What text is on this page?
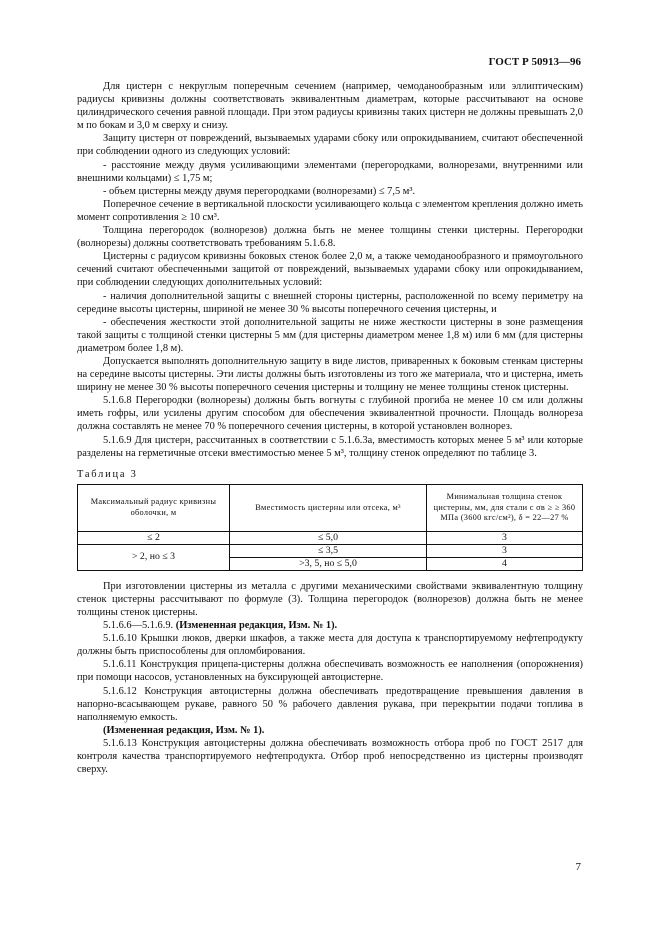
ГОСТ Р 50913—96

Для цистерн с некруглым поперечным сечением (например, чемоданообразным или эллиптическим) радиусы кривизны должны соответствовать эквивалентным диаметрам, которые рассчитывают на основе цилиндрического сечения равной площади. При этом радиусы кривизны таких цистерн не должны превышать 2,0 м по бокам и 3,0 м сверху и снизу.

Защиту цистерн от повреждений, вызываемых ударами сбоку или опрокидыванием, считают обеспеченной при соблюдении одного из следующих условий:

- расстояние между двумя усиливающими элементами (перегородками, волнорезами, внутренними или внешними кольцами) ≤ 1,75 м;

- объем цистерны между двумя перегородками (волнорезами) ≤ 7,5 м³.

Поперечное сечение в вертикальной плоскости усиливающего кольца с элементом крепления должно иметь момент сопротивления ≥ 10 см³.

Толщина перегородок (волнорезов) должна быть не менее толщины стенки цистерны. Перегородки (волнорезы) должны соответствовать требованиям 5.1.6.8.

Цистерны с радиусом кривизны боковых стенок более 2,0 м, а также чемоданообразного и прямоугольного сечений считают обеспеченными защитой от повреждений, вызываемых ударами сбоку или опрокидыванием, при соблюдении следующих дополнительных условий:

- наличия дополнительной защиты с внешней стороны цистерны, расположенной по всему периметру на середине высоты цистерны, шириной не менее 30 % высоты поперечного сечения цистерны, и

- обеспечения жесткости этой дополнительной защиты не ниже жесткости цистерны в зоне размещения такой защиты с толщиной стенки цистерны 5 мм (для цистерны диаметром менее 1,8 м) или 6 мм (для цистерны диаметром более 1,8 м).

Допускается выполнять дополнительную защиту в виде листов, приваренных к боковым стенкам цистерны на середине высоты цистерны. Эти листы должны быть изготовлены из того же материала, что и цистерна, иметь ширину не менее 30 % высоты поперечного сечения цистерны и толщину не менее толщины стенок цистерны.

5.1.6.8 Перегородки (волнорезы) должны быть вогнуты с глубиной прогиба не менее 10 см или должны иметь гофры, или усилены другим способом для обеспечения эквивалентной прочности. Площадь волнореза должна составлять не менее 70 % поперечного сечения цистерны, в которой установлен волнорез.

5.1.6.9 Для цистерн, рассчитанных в соответствии с 5.1.6.3а, вместимость которых менее 5 м³ или которые разделены на герметичные отсеки вместимостью менее 5 м³, толщину стенок определяют по таблице 3.

Таблица 3
Максимальный радиус кривизны оболочки, м	Вместимость цистерны или отсека, м³	Минимальная толщина стенок цистерны, мм, для стали с σв ≥ ≥ 360 МПа (3600 кгс/см²), δ = 22—27 %
≤ 2	≤ 5,0	3
> 2, но ≤ 3	≤ 3,5	3
	>3, 5, но ≤ 5,0	4

При изготовлении цистерны из металла с другими механическими свойствами эквивалентную толщину стенок цистерны рассчитывают по формуле (3). Толщина перегородок (волнорезов) должна быть не менее толщины стенок цистерны.

5.1.6.6—5.1.6.9. (Измененная редакция, Изм. № 1).

5.1.6.10 Крышки люков, дверки шкафов, а также места для доступа к транспортируемому нефтепродукту должны быть приспособлены для опломбирования.

5.1.6.11 Конструкция прицепа-цистерны должна обеспечивать возможность ее наполнения (опорожнения) при помощи насосов, установленных на буксирующей автоцистерне.

5.1.6.12 Конструкция автоцистерны должна обеспечивать предотвращение превышения давления в напорно-всасывающем рукаве, равного 50 % рабочего давления рукава, при перекрытии подачи топлива в наполняемую емкость.

(Измененная редакция, Изм. № 1).

5.1.6.13 Конструкция автоцистерны должна обеспечивать возможность отбора проб по ГОСТ 2517 для контроля качества транспортируемого нефтепродукта. Отбор проб непосредственно из цистерны производят сверху.

7
